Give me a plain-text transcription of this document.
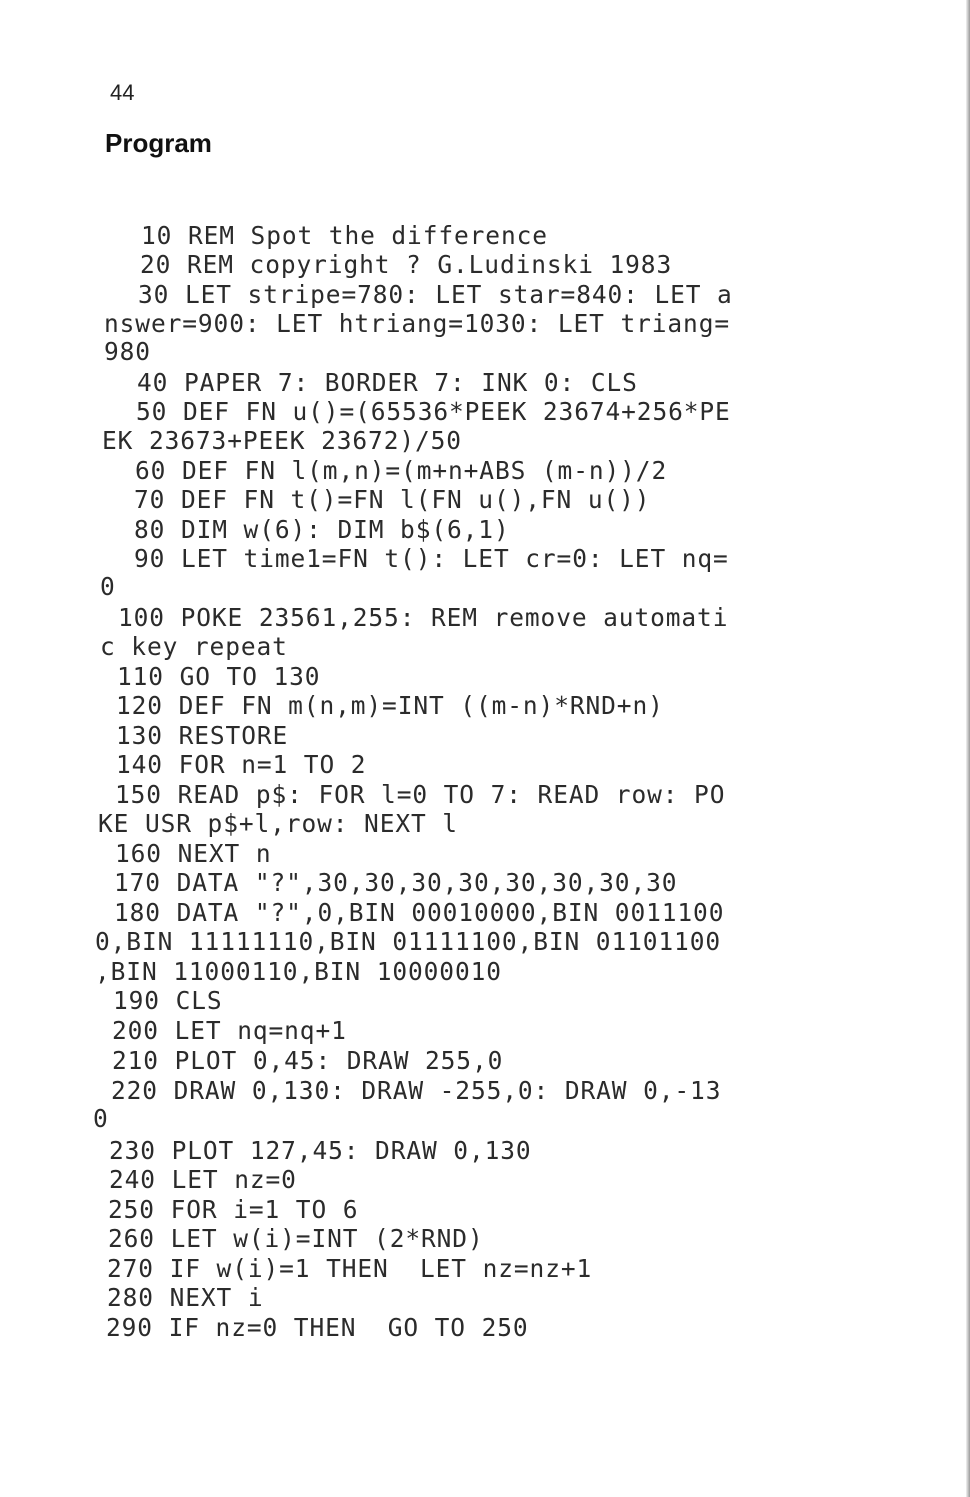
44
Program
10 REM Spot the difference
20 REM copyright ? G.Ludinski 1983
30 LET stripe=780: LET star=840: LET a
nswer=900: LET htriang=1030: LET triang=
980
40 PAPER 7: BORDER 7: INK 0: CLS
50 DEF FN u()=(65536*PEEK 23674+256*PE
EK 23673+PEEK 23672)/50
60 DEF FN l(m,n)=(m+n+ABS (m-n))/2
70 DEF FN t()=FN l(FN u(),FN u())
80 DIM w(6): DIM b$(6,1)
90 LET time1=FN t(): LET cr=0: LET nq=
0
100 POKE 23561,255: REM remove automati
c key repeat
110 GO TO 130
120 DEF FN m(n,m)=INT ((m-n)*RND+n)
130 RESTORE
140 FOR n=1 TO 2
150 READ p$: FOR l=0 TO 7: READ row: PO
KE USR p$+l,row: NEXT l
160 NEXT n
170 DATA "?",30,30,30,30,30,30,30,30
180 DATA "?",0,BIN 00010000,BIN 0011100
0,BIN 11111110,BIN 01111100,BIN 01101100
,BIN 11000110,BIN 10000010
190 CLS
200 LET nq=nq+1
210 PLOT 0,45: DRAW 255,0
220 DRAW 0,130: DRAW -255,0: DRAW 0,-13
0
230 PLOT 127,45: DRAW 0,130
240 LET nz=0
250 FOR i=1 TO 6
260 LET w(i)=INT (2*RND)
270 IF w(i)=1 THEN  LET nz=nz+1
280 NEXT i
290 IF nz=0 THEN  GO TO 250
